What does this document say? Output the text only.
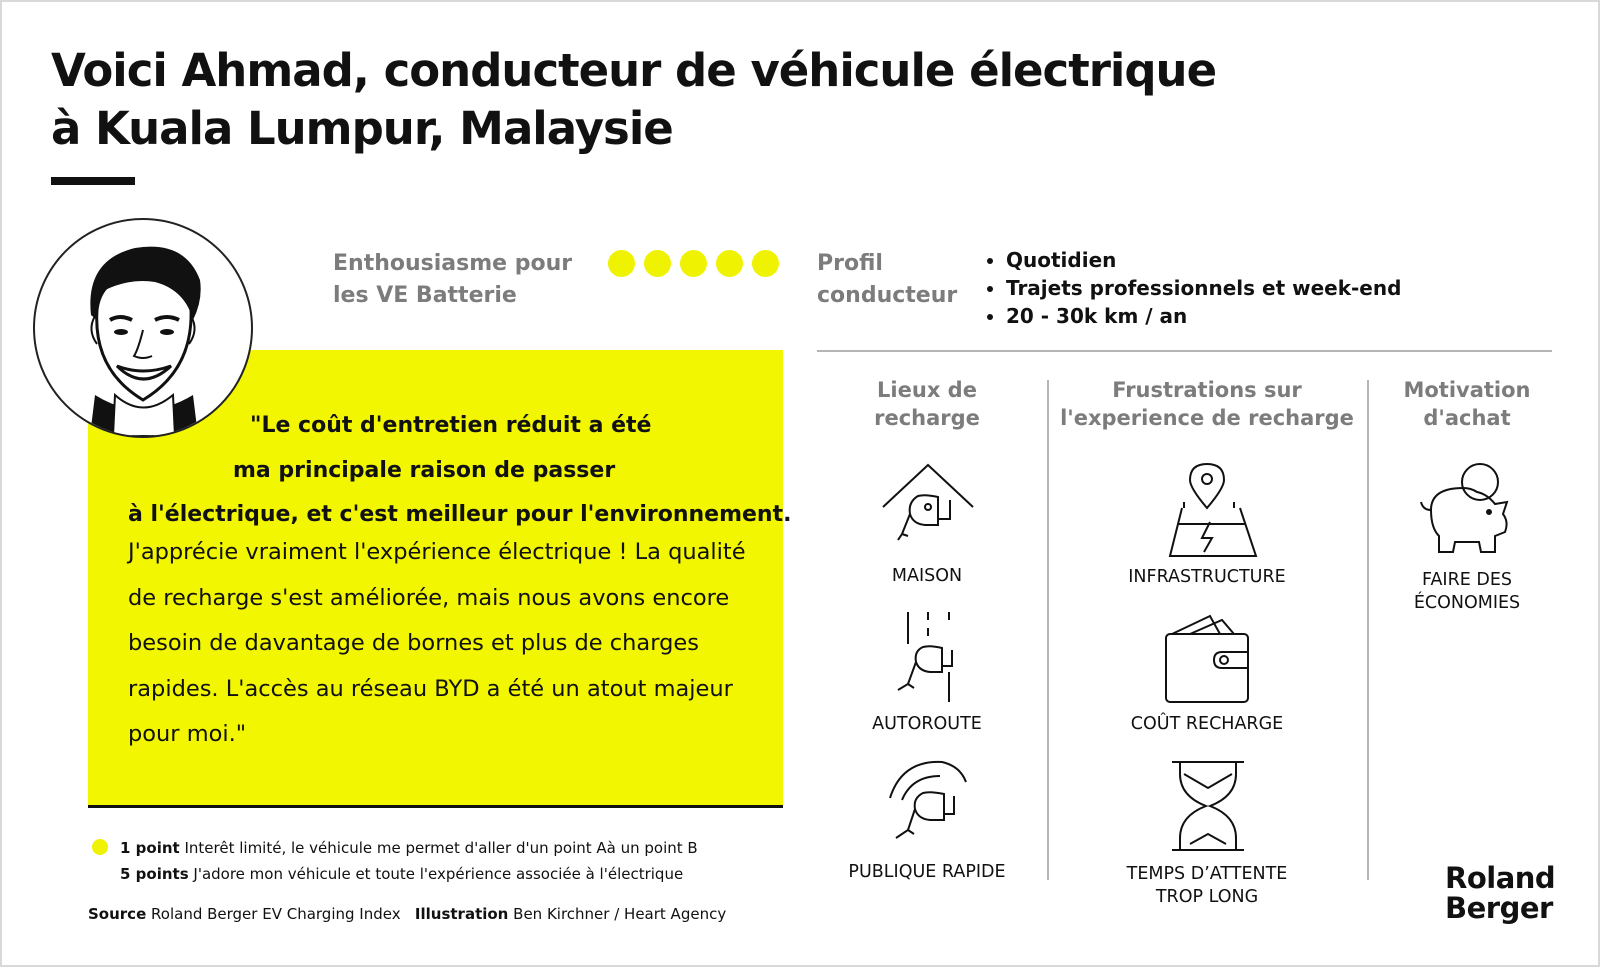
Voici Ahmad, conducteur de véhicule électrique
à Kuala Lumpur, Malaysie
"Le coût d'entretien réduit a été
ma principale raison de passer
à l'électrique, et c'est meilleur pour l'environnement.
J'apprécie vraiment l'expérience électrique ! La qualité de recharge s'est améliorée, mais nous avons encore besoin de davantage de bornes et plus de charges rapides. L'accès au réseau BYD a été un atout majeur pour moi."
Enthousiasme pour
les VE Batterie
Profil
conducteur
• Quotidien
• Trajets professionnels et week-end
• 20 - 30k km / an
Lieux de
recharge
Frustrations sur
l'experience de recharge
Motivation
d'achat
MAISON
AUTOROUTE
PUBLIQUE RAPIDE
INFRASTRUCTURE
COÛT RECHARGE
TEMPS D’ATTENTE
TROP LONG
FAIRE DES
ÉCONOMIES
1 point Interêt limité, le véhicule me permet d'aller d'un point Aà un point B
5 points J'adore mon véhicule et toute l'expérience associée à l'électrique
Source Roland Berger EV Charging Index Illustration Ben Kirchner / Heart Agency
Roland
Berger
